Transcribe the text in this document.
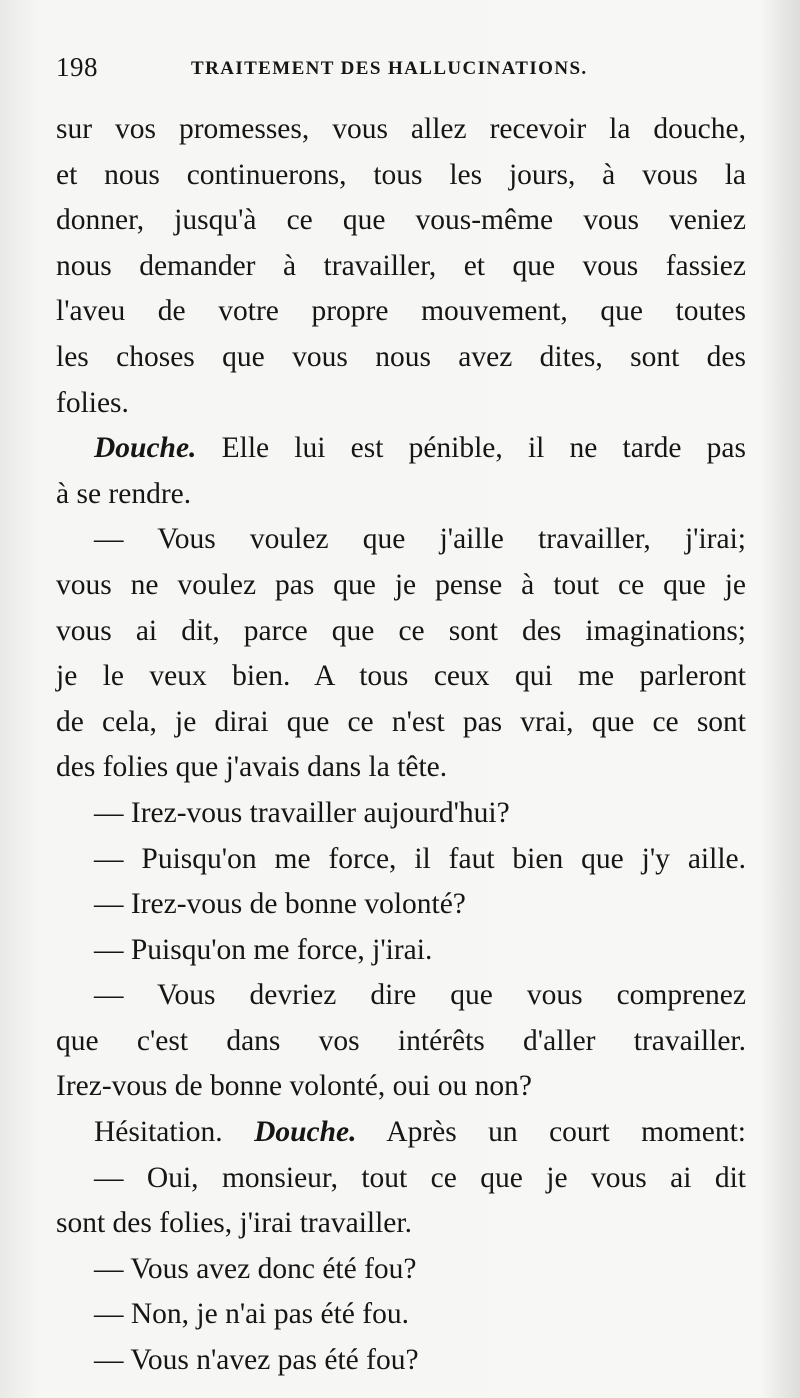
198	TRAITEMENT DES HALLUCINATIONS.
sur vos promesses, vous allez recevoir la douche,
et nous continuerons, tous les jours, à vous la
donner, jusqu'à ce que vous-même vous veniez
nous demander à travailler, et que vous fassiez
l'aveu de votre propre mouvement, que toutes
les choses que vous nous avez dites, sont des
folies.
Douche. Elle lui est pénible, il ne tarde pas
à se rendre.
— Vous voulez que j'aille travailler, j'irai;
vous ne voulez pas que je pense à tout ce que je
vous ai dit, parce que ce sont des imaginations;
je le veux bien. A tous ceux qui me parleront
de cela, je dirai que ce n'est pas vrai, que ce sont
des folies que j'avais dans la tête.
— Irez-vous travailler aujourd'hui?
— Puisqu'on me force, il faut bien que j'y aille.
— Irez-vous de bonne volonté?
— Puisqu'on me force, j'irai.
— Vous devriez dire que vous comprenez
que c'est dans vos intérêts d'aller travailler.
Irez-vous de bonne volonté, oui ou non?
Hésitation. Douche. Après un court moment:
— Oui, monsieur, tout ce que je vous ai dit
sont des folies, j'irai travailler.
— Vous avez donc été fou?
— Non, je n'ai pas été fou.
— Vous n'avez pas été fou?
